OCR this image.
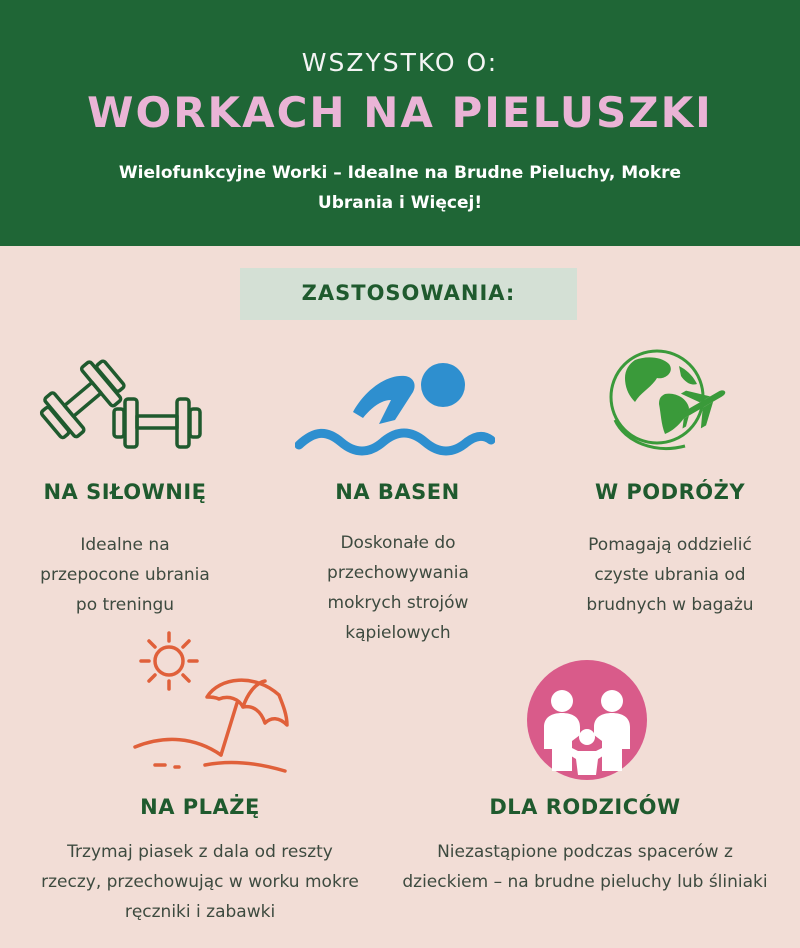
WSZYSTKO O:
WORKACH NA PIELUSZKI
Wielofunkcyjne Worki – Idealne na Brudne Pieluchy, Mokre Ubrania i Więcej!
ZASTOSOWANIA:
NA SIŁOWNIĘ
Idealne na przepocone ubrania po treningu
NA BASEN
Doskonałe do przechowywania mokrych strojów kąpielowych
W PODRÓŻY
Pomagają oddzielić czyste ubrania od brudnych w bagażu
NA PLAŻĘ
Trzymaj piasek z dala od reszty rzeczy, przechowując w worku mokre ręczniki i zabawki
DLA RODZICÓW
Niezastąpione podczas spacerów z dzieckiem – na brudne pieluchy lub śliniaki
